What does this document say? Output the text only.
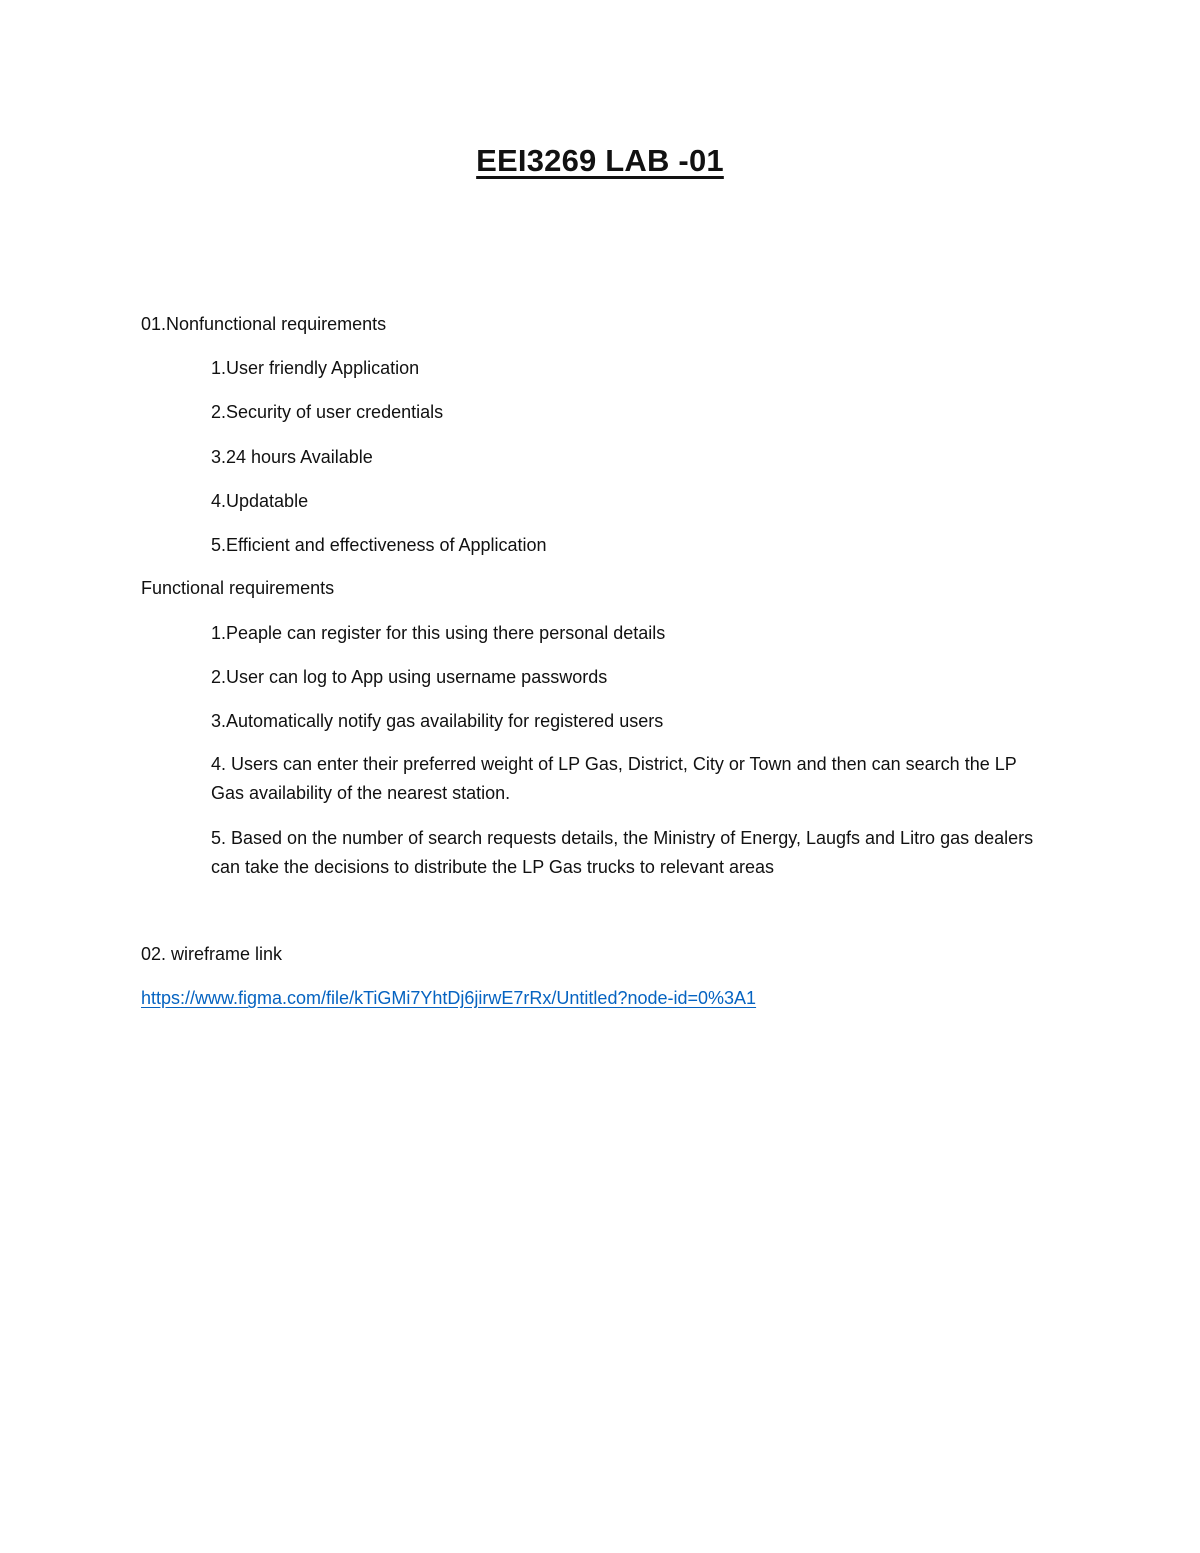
EEI3269 LAB -01
01.Nonfunctional requirements
1.User friendly Application
2.Security of user credentials
3.24 hours Available
4.Updatable
5.Efficient and effectiveness of Application
Functional requirements
1.Peaple can register for this using there personal details
2.User can log to App using username passwords
3.Automatically notify gas availability for registered users
4. Users can enter their preferred weight of LP Gas, District, City or Town and then can search the LP Gas availability of the nearest station.
5. Based on the number of search requests details, the Ministry of Energy, Laugfs and Litro gas dealers can take the decisions to distribute the LP Gas trucks to relevant areas
02. wireframe link
https://www.figma.com/file/kTiGMi7YhtDj6jirwE7rRx/Untitled?node-id=0%3A1
